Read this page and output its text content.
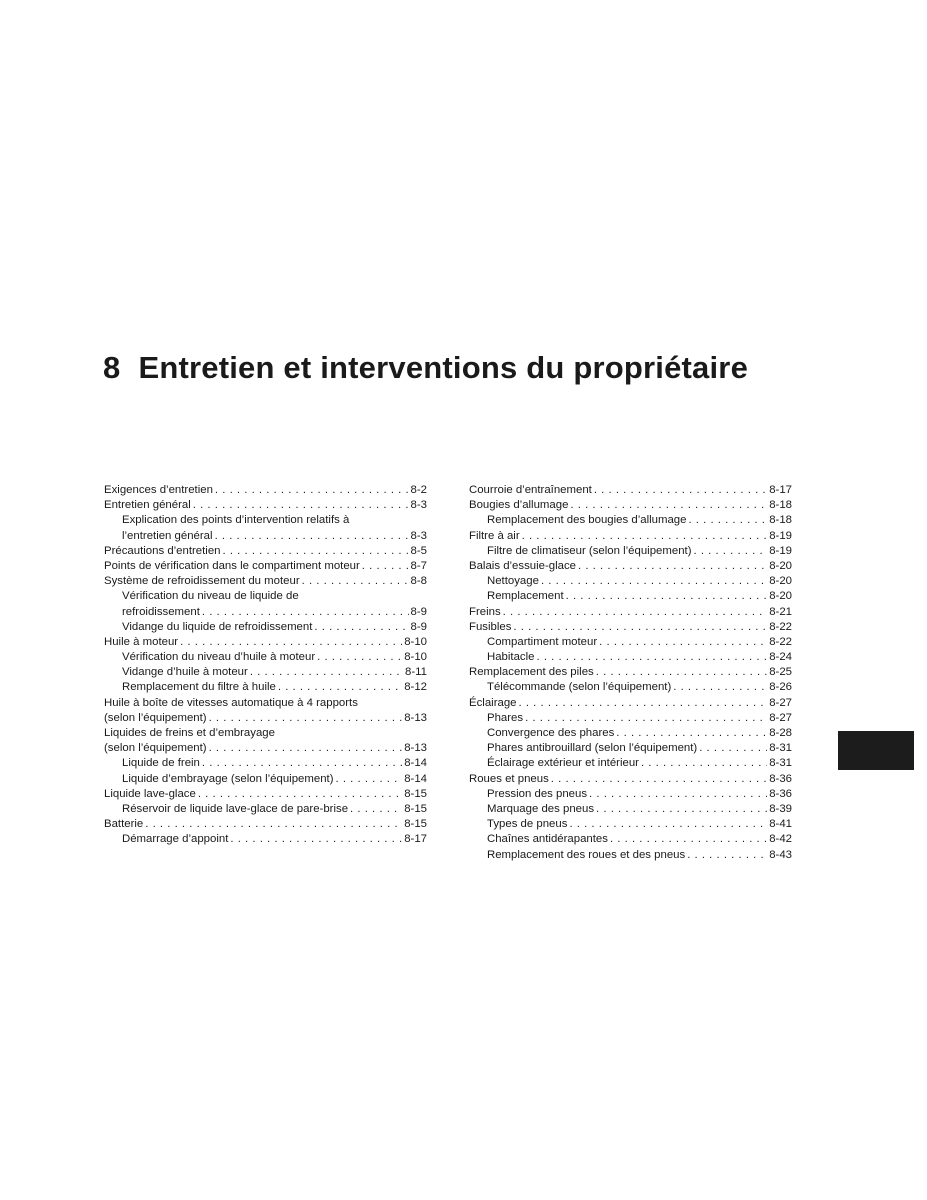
8 Entretien et interventions du propriétaire
Exigences d’entretien . . .	8-2
Entretien général . . .	8-3
Explication des points d’intervention relatifs à
l’entretien général . . .	8-3
Précautions d’entretien . . .	8-5
Points de vérification dans le compartiment moteur . . .	8-7
Système de refroidissement du moteur . . .	8-8
Vérification du niveau de liquide de
refroidissement . . .	8-9
Vidange du liquide de refroidissement . . .	8-9
Huile à moteur . . .	8-10
Vérification du niveau d’huile à moteur . . .	8-10
Vidange d’huile à moteur . . .	8-11
Remplacement du filtre à huile . . .	8-12
Huile à boîte de vitesses automatique à 4 rapports
(selon l’équipement) . . .	8-13
Liquides de freins et d’embrayage
(selon l’équipement) . . .	8-13
Liquide de frein . . .	8-14
Liquide d’embrayage (selon l’équipement) . . .	8-14
Liquide lave-glace . . .	8-15
Réservoir de liquide lave-glace de pare-brise . . .	8-15
Batterie . . .	8-15
Démarrage d’appoint . . .	8-17
Courroie d’entraînement . . .	8-17
Bougies d’allumage . . .	8-18
Remplacement des bougies d’allumage . . .	8-18
Filtre à air . . .	8-19
Filtre de climatiseur (selon l’équipement) . . .	8-19
Balais d’essuie-glace . . .	8-20
Nettoyage . . .	8-20
Remplacement . . .	8-20
Freins . . .	8-21
Fusibles . . .	8-22
Compartiment moteur . . .	8-22
Habitacle . . .	8-24
Remplacement des piles . . .	8-25
Télécommande (selon l’équipement) . . .	8-26
Éclairage . . .	8-27
Phares . . .	8-27
Convergence des phares . . .	8-28
Phares antibrouillard (selon l’équipement) . . .	8-31
Éclairage extérieur et intérieur . . .	8-31
Roues et pneus . . .	8-36
Pression des pneus . . .	8-36
Marquage des pneus . . .	8-39
Types de pneus . . .	8-41
Chaînes antidérapantes . . .	8-42
Remplacement des roues et des pneus . . .	8-43
